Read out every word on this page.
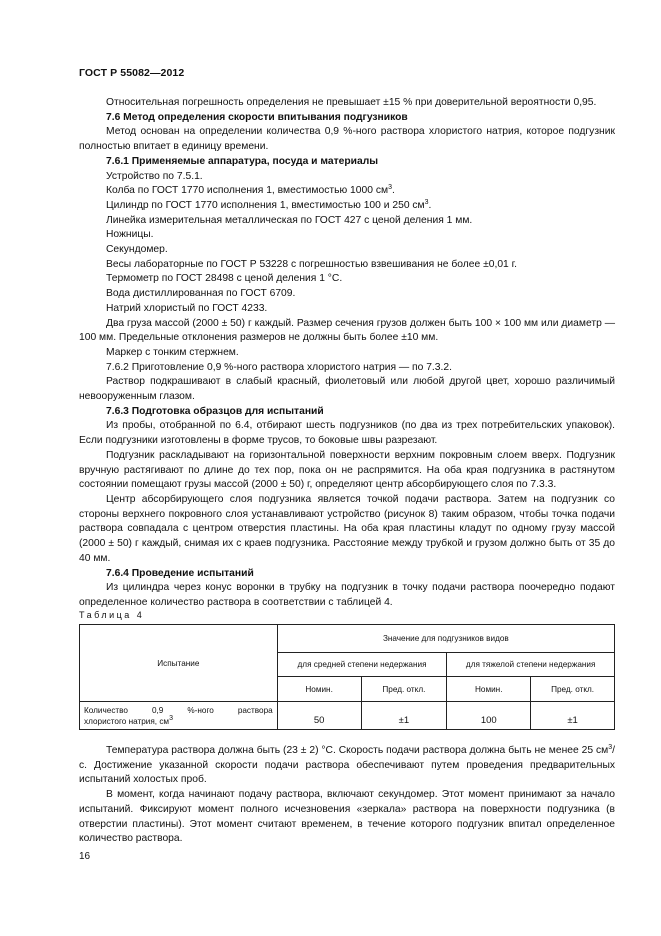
ГОСТ Р 55082—2012

Относительная погрешность определения не превышает ±15 % при доверительной вероятности 0,95.

7.6 Метод определения скорости впитывания подгузников

Метод основан на определении количества 0,9 %-ного раствора хлористого натрия, которое подгузник полностью впитает в единицу времени.

7.6.1 Применяемые аппаратура, посуда и материалы

Устройство по 7.5.1.

Колба по ГОСТ 1770 исполнения 1, вместимостью 1000 $см^3$.

Цилиндр по ГОСТ 1770 исполнения 1, вместимостью 100 и 250 $см^3$.

Линейка измерительная металлическая по ГОСТ 427 с ценой деления 1 мм.

Ножницы.

Секундомер.

Весы лабораторные по ГОСТ Р 53228 с погрешностью взвешивания не более ±0,01 г.

Термометр по ГОСТ 28498 с ценой деления 1 °С.

Вода дистиллированная по ГОСТ 6709.

Натрий хлористый по ГОСТ 4233.

Два груза массой (2000 ± 50) г каждый. Размер сечения грузов должен быть 100 × 100 мм или диаметр — 100 мм. Предельные отклонения размеров не должны быть более ±10 мм.

Маркер с тонким стержнем.

7.6.2 Приготовление 0,9 %-ного раствора хлористого натрия — по 7.3.2.

Раствор подкрашивают в слабый красный, фиолетовый или любой другой цвет, хорошо различимый невооруженным глазом.

7.6.3 Подготовка образцов для испытаний

Из пробы, отобранной по 6.4, отбирают шесть подгузников (по два из трех потребительских упаковок). Если подгузники изготовлены в форме трусов, то боковые швы разрезают.

Подгузник раскладывают на горизонтальной поверхности верхним покровным слоем вверх. Подгузник вручную растягивают по длине до тех пор, пока он не распрямится. На оба края подгузника в растянутом состоянии помещают грузы массой (2000 ± 50) г, определяют центр абсорбирующего слоя по 7.3.3.

Центр абсорбирующего слоя подгузника является точкой подачи раствора. Затем на подгузник со стороны верхнего покровного слоя устанавливают устройство (рисунок 8) таким образом, чтобы точка подачи раствора совпадала с центром отверстия пластины. На оба края пластины кладут по одному грузу массой (2000 ± 50) г каждый, снимая их с краев подгузника. Расстояние между трубкой и грузом должно быть от 35 до 40 мм.

7.6.4 Проведение испытаний

Из цилиндра через конус воронки в трубку на подгузник в точку подачи раствора поочередно подают определенное количество раствора в соответствии с таблицей 4.

Таблица 4
Испытание	Значение для подгузников видов			
	для средней степени недержания		для тяжелой степени недержания	
	Номин.	Пред. откл.	Номин.	Пред. откл.

Количество 0,9 %-ного раствора
хлористого натрия, $см^3$	50	±1	100	±1

Температура раствора должна быть (23 ± 2) °С. Скорость подачи раствора должна быть не менее 25 $см^3/с$. Достижение указанной скорости подачи раствора обеспечивают путем проведения предварительных испытаний холостых проб.

В момент, когда начинают подачу раствора, включают секундомер. Этот момент принимают за начало испытаний. Фиксируют момент полного исчезновения «зеркала» раствора на поверхности подгузника (в отверстии пластины). Этот момент считают временем, в течение которого подгузник впитал определенное количество раствора.

16
